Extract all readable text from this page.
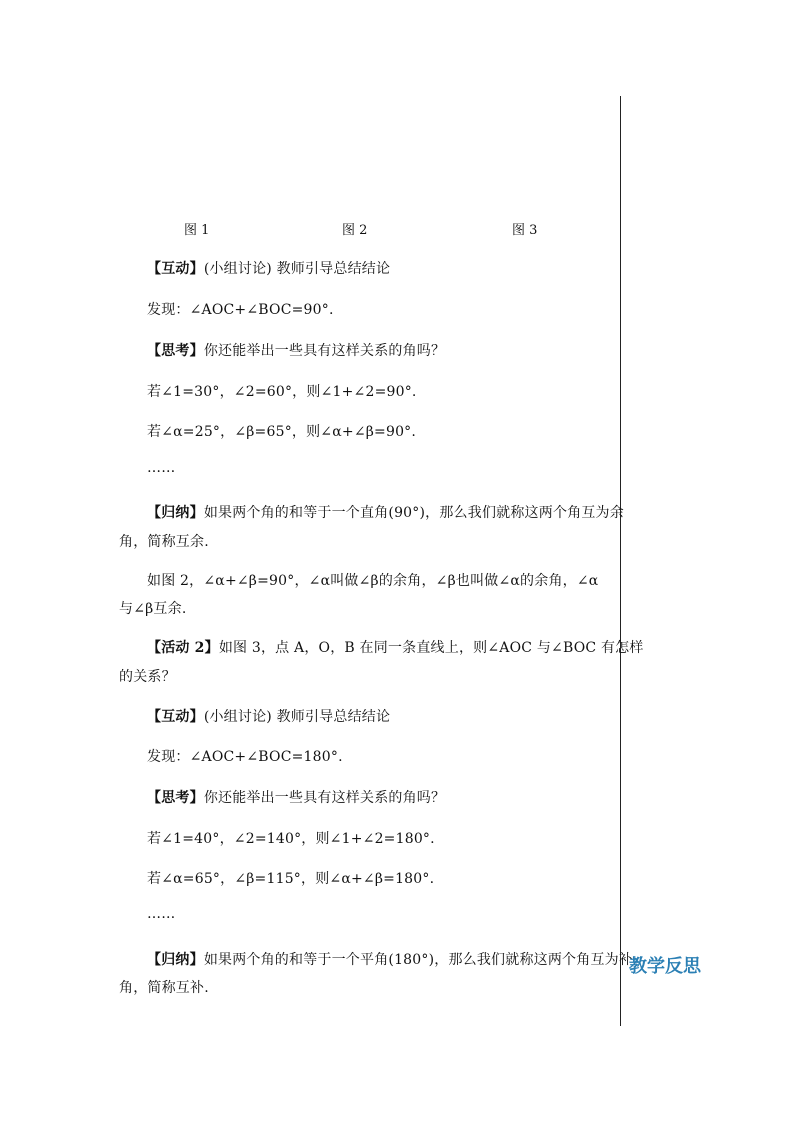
图 1	图 2	图 3
【互动】(小组讨论) 教师引导总结结论
发现：∠AOC+∠BOC=90°.
【思考】你还能举出一些具有这样关系的角吗？
若∠1=30°，∠2=60°，则∠1+∠2=90°.
若∠α=25°，∠β=65°，则∠α+∠β=90°.
……
【归纳】如果两个角的和等于一个直角(90°)，那么我们就称这两个角互为余
角，简称互余.
如图 2，∠α+∠β=90°，∠α叫做∠β的余角，∠β也叫做∠α的余角，∠α
与∠β互余.
【活动 2】如图 3，点 A，O，B 在同一条直线上，则∠AOC 与∠BOC 有怎样
的关系？
【互动】(小组讨论) 教师引导总结结论
发现：∠AOC+∠BOC=180°.
【思考】你还能举出一些具有这样关系的角吗？
若∠1=40°，∠2=140°，则∠1+∠2=180°.
若∠α=65°，∠β=115°，则∠α+∠β=180°.
……
【归纳】如果两个角的和等于一个平角(180°)，那么我们就称这两个角互为补
角，简称互补.
教学反思
